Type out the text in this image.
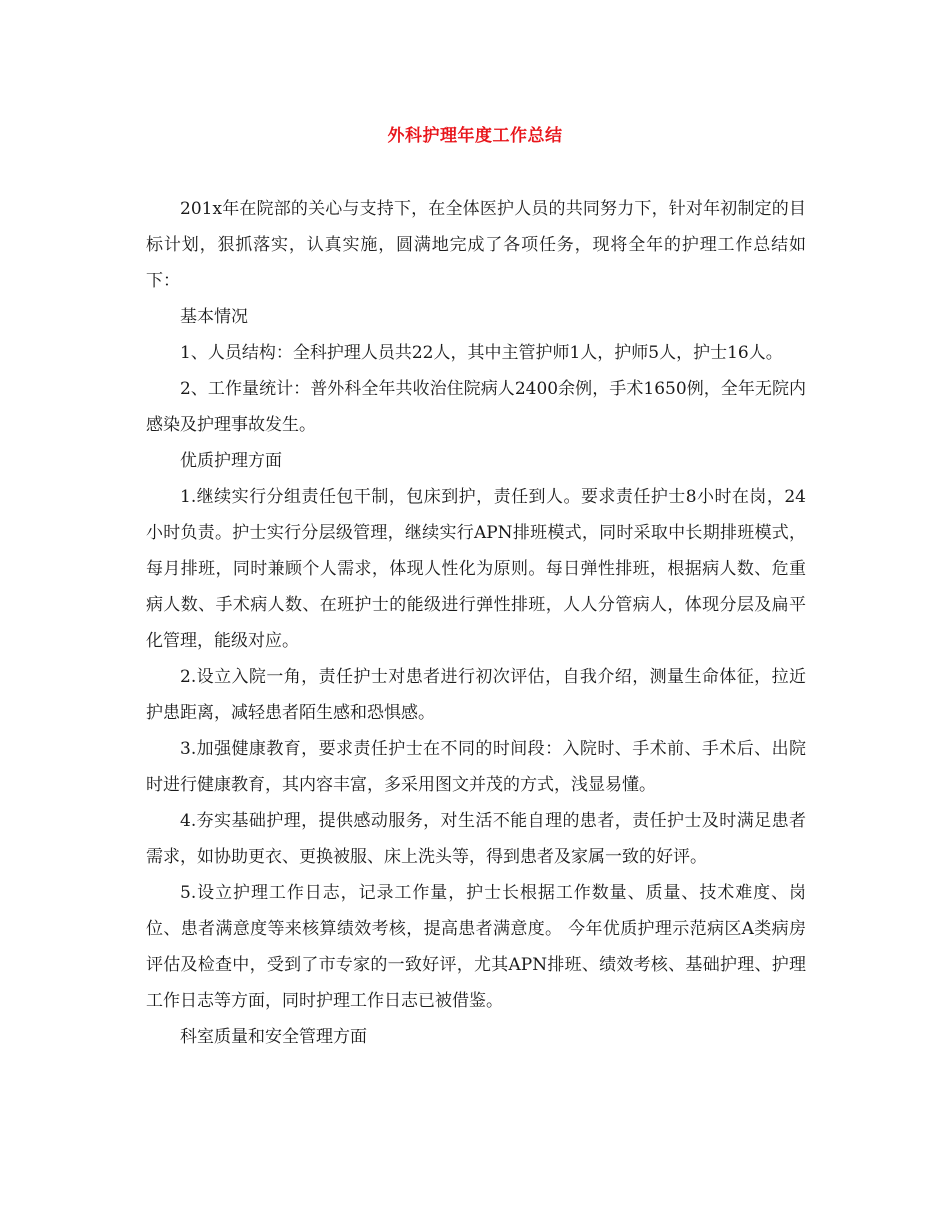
外科护理年度工作总结

201x年在院部的关心与支持下，在全体医护人员的共同努力下，针对年初制定的目标计划，狠抓落实，认真实施，圆满地完成了各项任务，现将全年的护理工作总结如下：

基本情况

1、人员结构：全科护理人员共22人，其中主管护师1人，护师5人，护士16人。

2、工作量统计：普外科全年共收治住院病人2400余例，手术1650例，全年无院内感染及护理事故发生。

优质护理方面

1.继续实行分组责任包干制，包床到护，责任到人。要求责任护士8小时在岗，24小时负责。护士实行分层级管理，继续实行APN排班模式，同时采取中长期排班模式，每月排班，同时兼顾个人需求，体现人性化为原则。每日弹性排班，根据病人数、危重病人数、手术病人数、在班护士的能级进行弹性排班，人人分管病人，体现分层及扁平化管理，能级对应。

2.设立入院一角，责任护士对患者进行初次评估，自我介绍，测量生命体征，拉近护患距离，减轻患者陌生感和恐惧感。

3.加强健康教育，要求责任护士在不同的时间段：入院时、手术前、手术后、出院时进行健康教育，其内容丰富，多采用图文并茂的方式，浅显易懂。

4.夯实基础护理，提供感动服务，对生活不能自理的患者，责任护士及时满足患者需求，如协助更衣、更换被服、床上洗头等，得到患者及家属一致的好评。

5.设立护理工作日志，记录工作量，护士长根据工作数量、质量、技术难度、岗位、患者满意度等来核算绩效考核，提高患者满意度。 今年优质护理示范病区A类病房评估及检查中，受到了市专家的一致好评，尤其APN排班、绩效考核、基础护理、护理工作日志等方面，同时护理工作日志已被借鉴。

科室质量和安全管理方面
